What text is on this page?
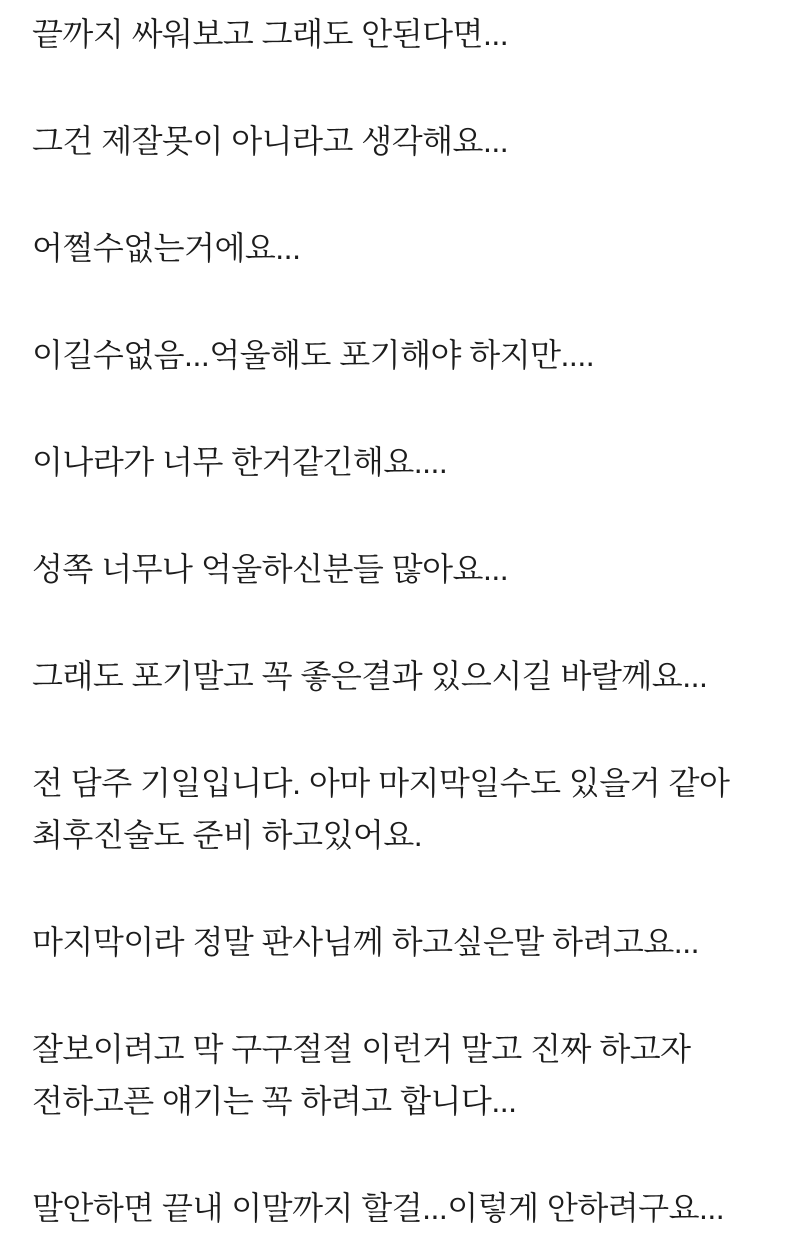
끝까지 싸워보고 그래도 안된다면...

그건 제잘못이 아니라고 생각해요...

어쩔수없는거에요...

이길수없음...억울해도 포기해야 하지만....

이나라가 너무 한거같긴해요....

성쪽 너무나 억울하신분들 많아요...

그래도 포기말고 꼭 좋은결과 있으시길 바랄께요...

전 담주 기일입니다. 아마 마지막일수도 있을거 같아 최후진술도 준비 하고있어요.

마지막이라 정말 판사님께 하고싶은말 하려고요...

잘보이려고 막 구구절절 이런거 말고 진짜 하고자 전하고픈 얘기는 꼭 하려고 합니다...

말안하면 끝내 이말까지 할걸...이렇게 안하려구요...
